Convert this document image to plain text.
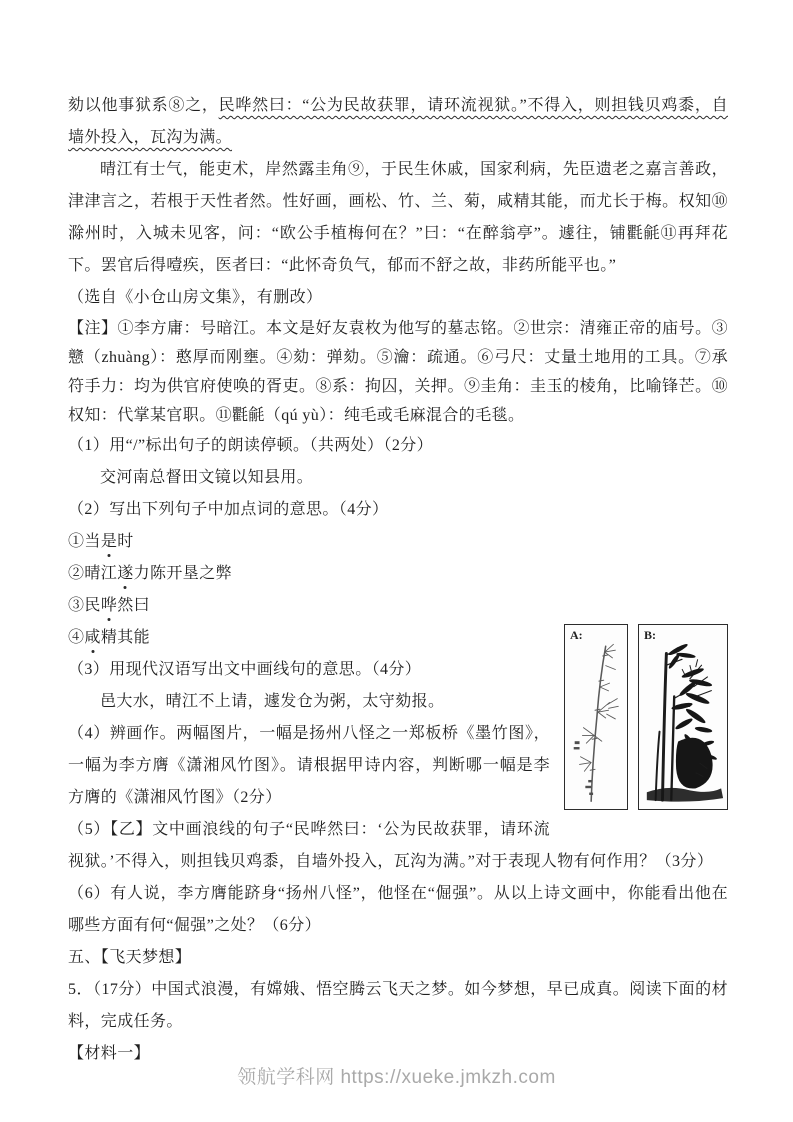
劾以他事狱系⑧之，民哗然曰：“公为民故获罪，请环流视狱。”不得入，则担钱贝鸡黍，自墙外投入，瓦沟为满。

晴江有士气，能吏术，岸然露圭角⑨，于民生休戚，国家利病，先臣遗老之嘉言善政，津津言之，若根于天性者然。性好画，画松、竹、兰、菊，咸精其能，而尤长于梅。权知⑩滁州时，入城未见客，问：“欧公手植梅何在？”曰：“在醉翁亭”。遽往，铺氍毹⑪再拜花下。罢官后得噎疾，医者曰：“此怀奇负气，郁而不舒之故，非药所能平也。”

（选自《小仓山房文集》，有删改）

【注】①李方庸：号暗江。本文是好友袁枚为他写的墓志铭。②世宗：清雍正帝的庙号。③戆（zhuàng）：憨厚而刚壅。④劾：弹劾。⑤瀹：疏通。⑥弓尺：丈量土地用的工具。⑦承符手力：均为供官府使唤的胥吏。⑧系：拘囚，关押。⑨圭角：圭玉的棱角，比喻锋芒。⑩权知：代掌某官职。⑪氍毹（qú yù）：纯毛或毛麻混合的毛毯。

（1）用“/”标出句子的朗读停顿。（共两处）（2分）

交河南总督田文镜以知县用。

（2）写出下列句子中加点词的意思。（4分）

①当是时

②晴江遂力陈开垦之弊

③民哗然曰

A:	B:

④咸精其能

（3）用现代汉语写出文中画线句的意思。（4分）

邑大水，晴江不上请，遽发仓为粥，太守劾报。

（4）辨画作。两幅图片，一幅是扬州八怪之一郑板桥《墨竹图》，一幅为李方膺《潇湘风竹图》。请根据甲诗内容，判断哪一幅是李方膺的《潇湘风竹图》（2分）

（5）【乙】文中画浪线的句子“民哗然曰：‘公为民故获罪，请环流视狱。’不得入，则担钱贝鸡黍，自墙外投入，瓦沟为满。”对于表现人物有何作用？（3分）

（6）有人说，李方膺能跻身“扬州八怪”，他怪在“倔强”。从以上诗文画中，你能看出他在哪些方面有何“倔强”之处？（6分）

五、【飞天梦想】

5．（17分）中国式浪漫，有嫦娥、悟空腾云飞天之梦。如今梦想，早已成真。阅读下面的材料，完成任务。

【材料一】

领航学科网 https://xueke.jmkzh.com
